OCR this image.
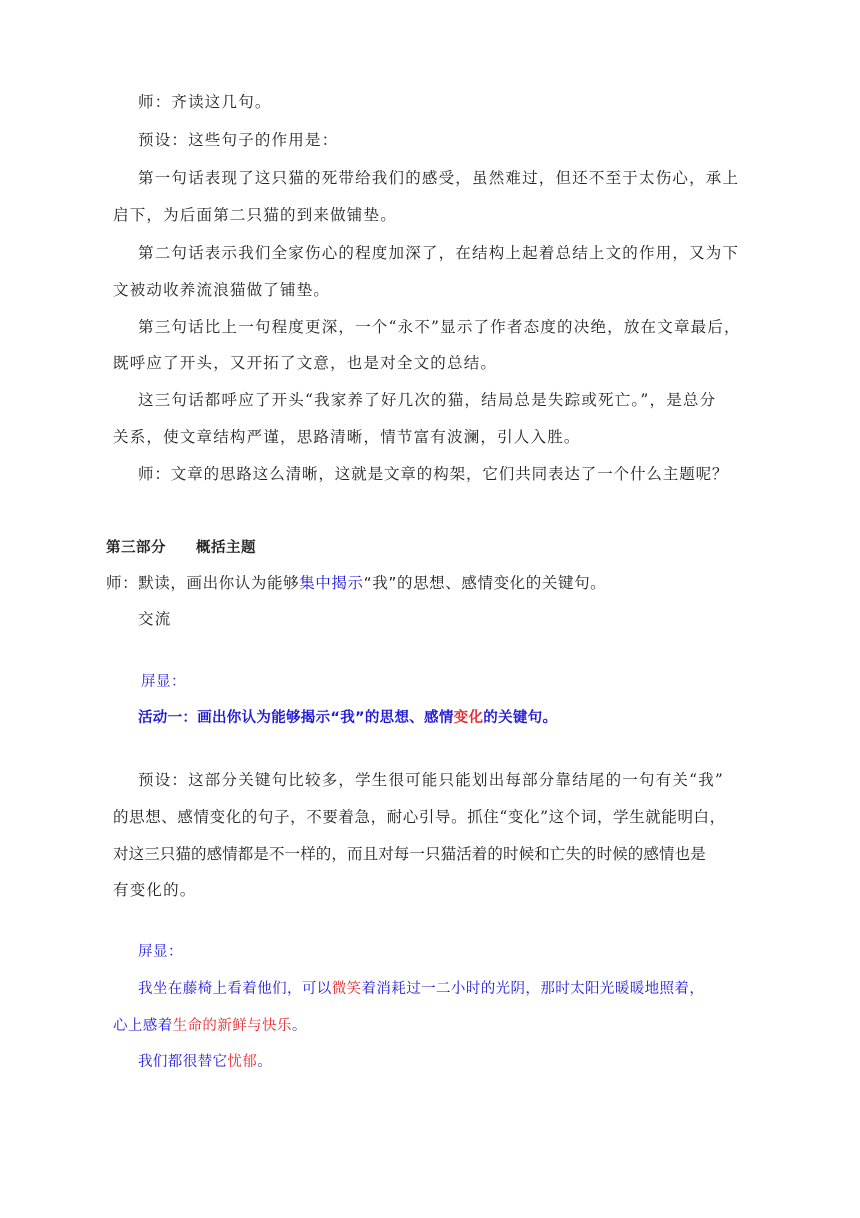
师：齐读这几句。
预设：这些句子的作用是：
第一句话表现了这只猫的死带给我们的感受，虽然难过，但还不至于太伤心，承上
启下，为后面第二只猫的到来做铺垫。
第二句话表示我们全家伤心的程度加深了，在结构上起着总结上文的作用，又为下
文被动收养流浪猫做了铺垫。
第三句话比上一句程度更深，一个“永不”显示了作者态度的决绝，放在文章最后，
既呼应了开头，又开拓了文意，也是对全文的总结。
这三句话都呼应了开头“我家养了好几次的猫，结局总是失踪或死亡。”，是总分
关系，使文章结构严谨，思路清晰，情节富有波澜，引人入胜。
师：文章的思路这么清晰，这就是文章的构架，它们共同表达了一个什么主题呢？
第三部分　　概括主题
师：默读，画出你认为能够集中揭示“我”的思想、感情变化的关键句。
交流
屏显：
活动一：画出你认为能够揭示“我”的思想、感情变化的关键句。
预设：这部分关键句比较多，学生很可能只能划出每部分靠结尾的一句有关“我”
的思想、感情变化的句子，不要着急，耐心引导。抓住“变化”这个词，学生就能明白，
对这三只猫的感情都是不一样的，而且对每一只猫活着的时候和亡失的时候的感情也是
有变化的。
屏显：
我坐在藤椅上看着他们，可以微笑着消耗过一二小时的光阴，那时太阳光暖暖地照着，
心上感着生命的新鲜与快乐。
我们都很替它忧郁。
